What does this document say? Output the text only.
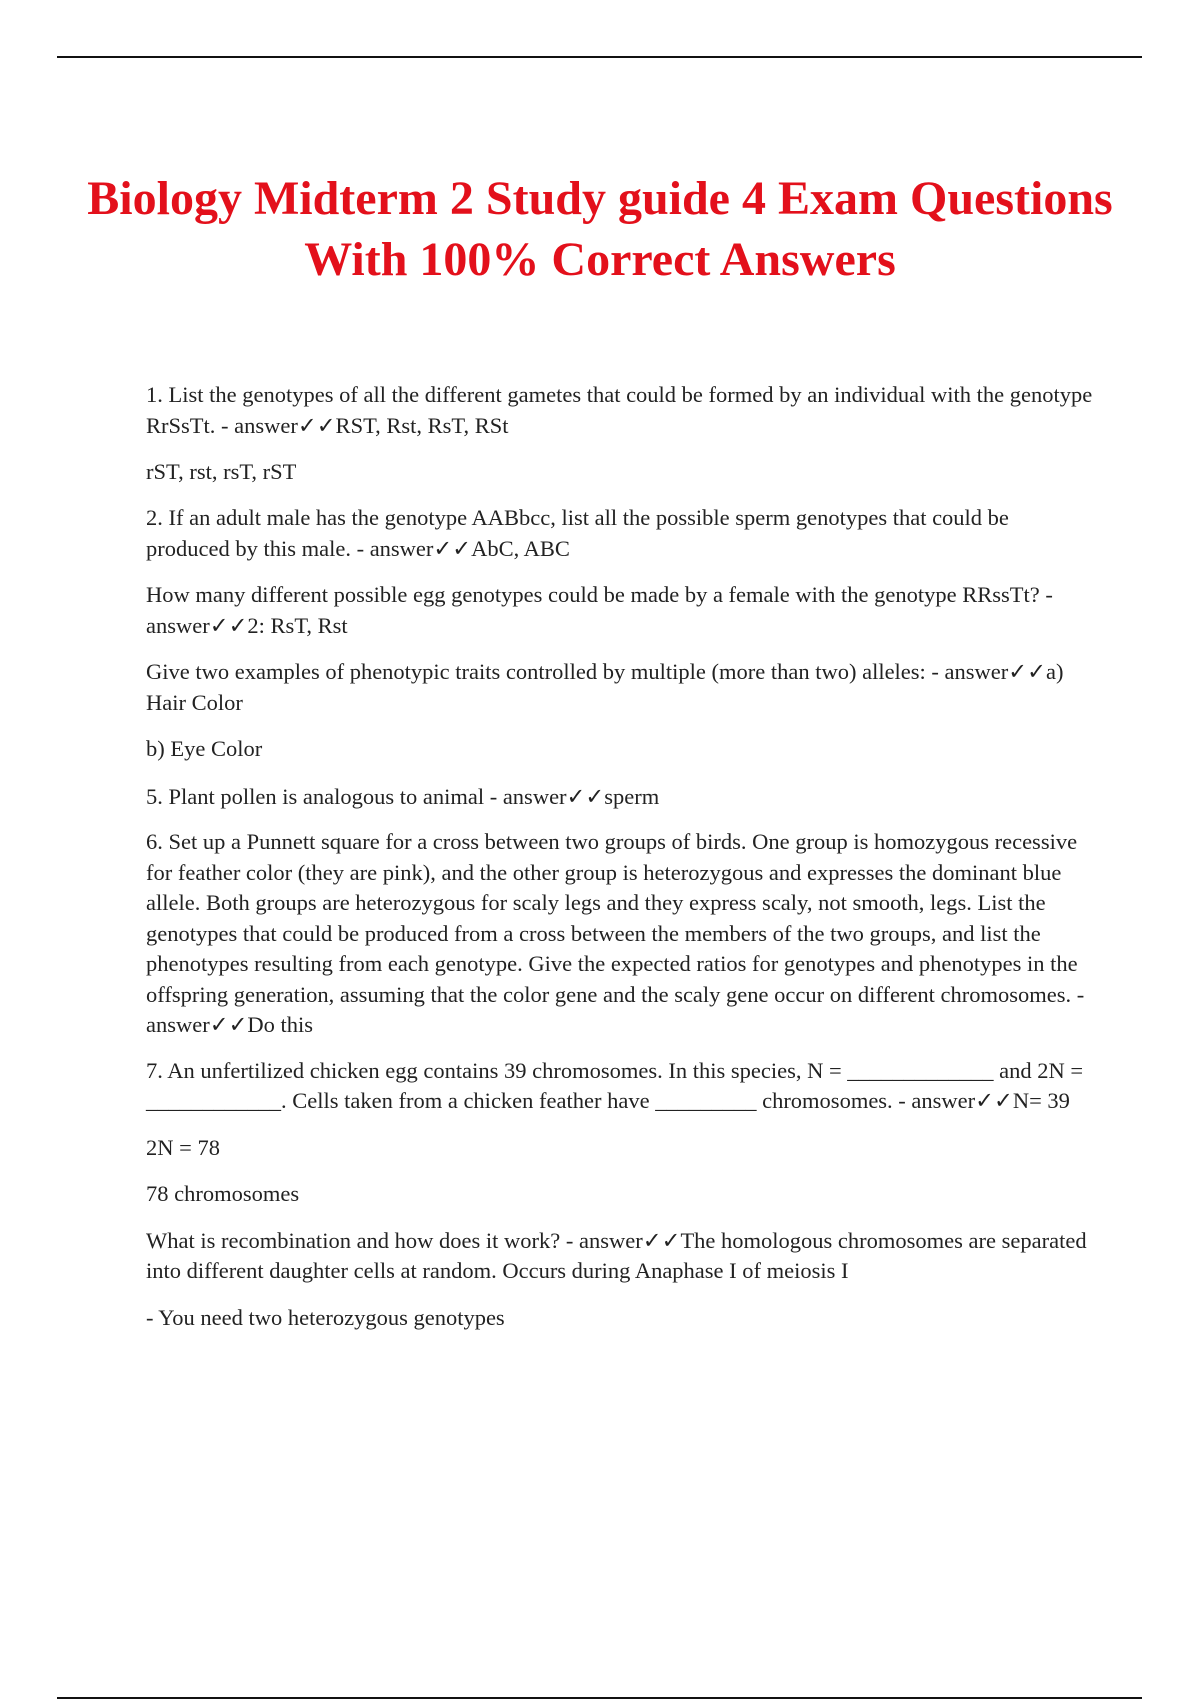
Biology Midterm 2 Study guide 4 Exam Questions With 100% Correct Answers

1. List the genotypes of all the different gametes that could be formed by an individual with the genotype RrSsTt. - answer✓✓RST, Rst, RsT, RSt

rST, rst, rsT, rST

2. If an adult male has the genotype AABbcc, list all the possible sperm genotypes that could be produced by this male. - answer✓✓AbC, ABC

How many different possible egg genotypes could be made by a female with the genotype RRssTt? - answer✓✓2: RsT, Rst

Give two examples of phenotypic traits controlled by multiple (more than two) alleles: - answer✓✓a) Hair Color

b) Eye Color

5. Plant pollen is analogous to animal - answer✓✓sperm

6. Set up a Punnett square for a cross between two groups of birds. One group is homozygous recessive for feather color (they are pink), and the other group is heterozygous and expresses the dominant blue allele. Both groups are heterozygous for scaly legs and they express scaly, not smooth, legs. List the genotypes that could be produced from a cross between the members of the two groups, and list the phenotypes resulting from each genotype. Give the expected ratios for genotypes and phenotypes in the offspring generation, assuming that the color gene and the scaly gene occur on different chromosomes. - answer✓✓Do this

7. An unfertilized chicken egg contains 39 chromosomes. In this species, N = _____________ and 2N = ____________. Cells taken from a chicken feather have _________ chromosomes. - answer✓✓N= 39

2N = 78

78 chromosomes

What is recombination and how does it work? - answer✓✓The homologous chromosomes are separated into different daughter cells at random. Occurs during Anaphase I of meiosis I

- You need two heterozygous genotypes
